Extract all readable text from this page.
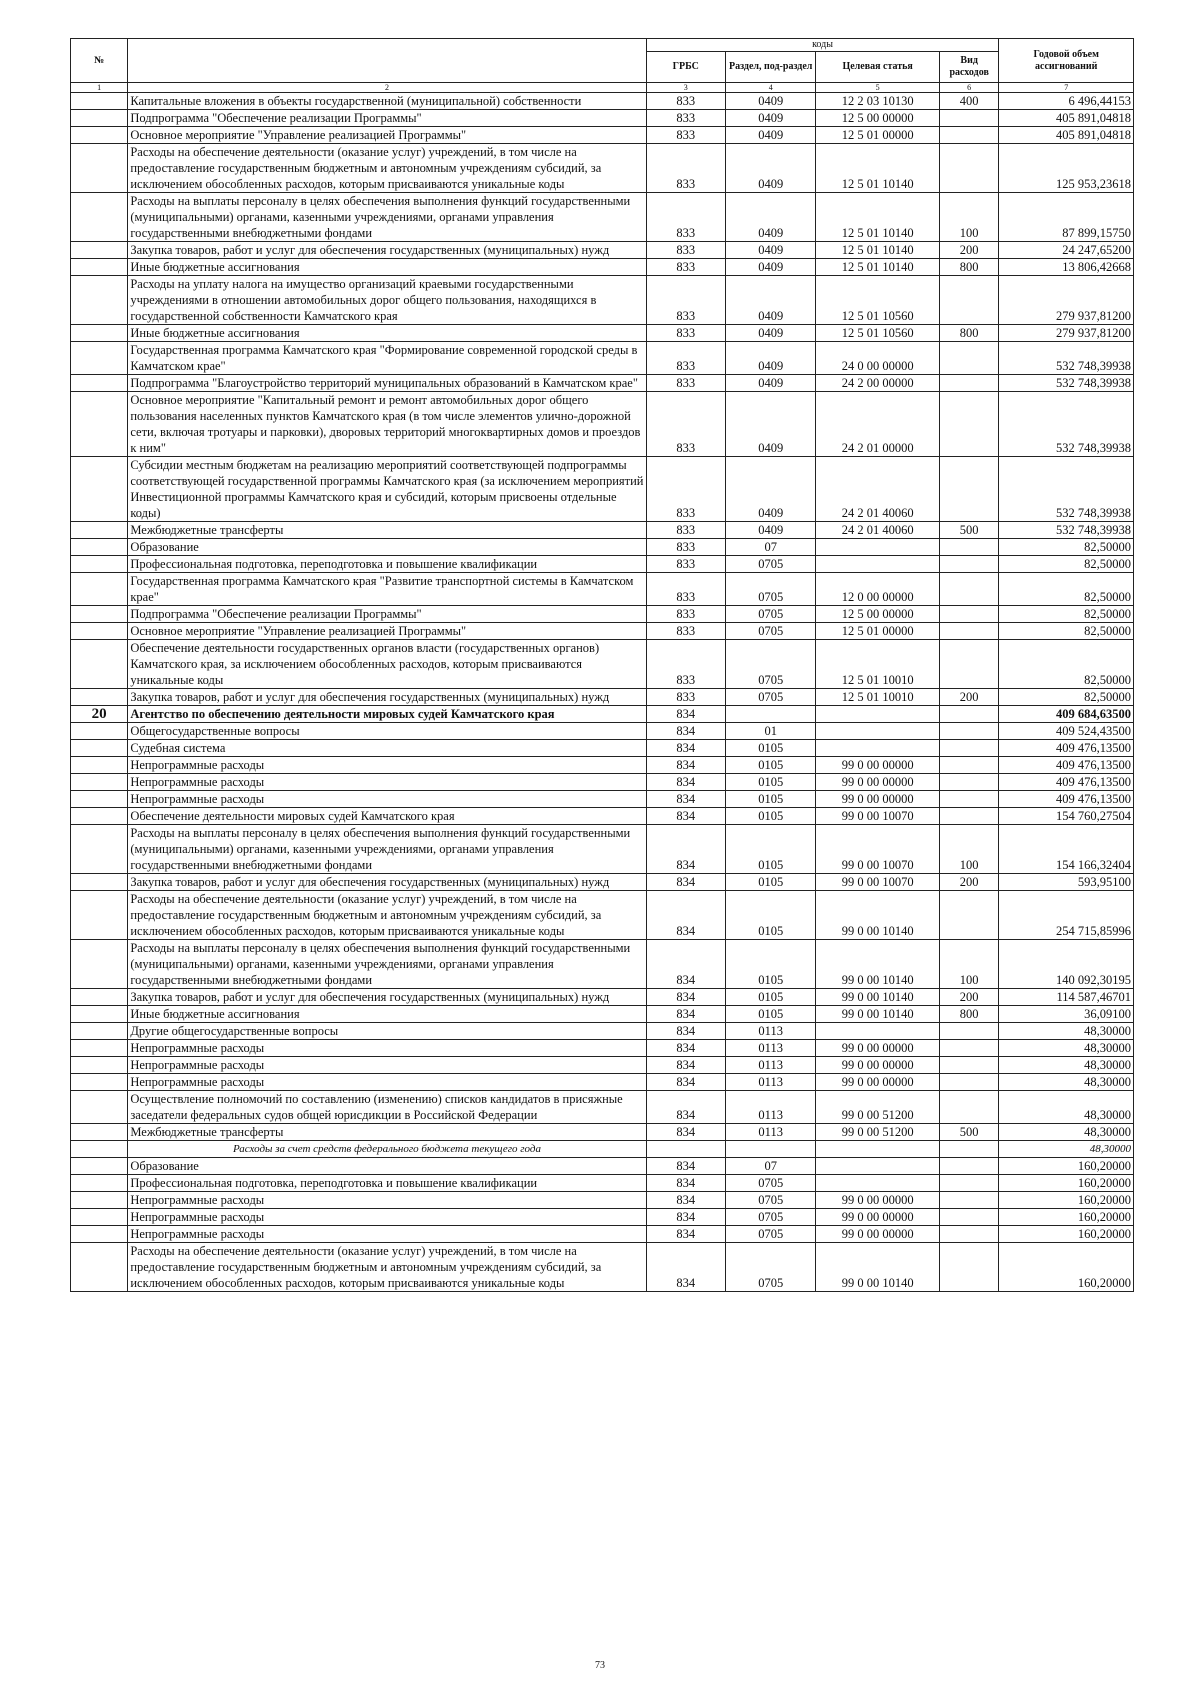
№		коды				Годовой объем ассигнований
		ГРБС	Раздел, под-раздел	Целевая статья	Вид расходов	
1	2	3	4	5	6	7
	Капитальные вложения в объекты государственной (муниципальной) собственности	833	0409	12 2 03 10130	400	6 496,44153
	Подпрограмма "Обеспечение реализации Программы"	833	0409	12 5 00 00000		405 891,04818
	Основное мероприятие "Управление реализацией Программы"	833	0409	12 5 01 00000		405 891,04818
	Расходы на обеспечение деятельности (оказание услуг) учреждений, в том числе на предоставление государственным бюджетным и автономным учреждениям субсидий, за исключением обособленных расходов, которым присваиваются уникальные коды	833	0409	12 5 01 10140		125 953,23618
	Расходы на выплаты персоналу в целях обеспечения выполнения функций государственными (муниципальными) органами, казенными учреждениями, органами управления государственными внебюджетными фондами	833	0409	12 5 01 10140	100	87 899,15750
	Закупка товаров, работ и услуг для обеспечения государственных (муниципальных) нужд	833	0409	12 5 01 10140	200	24 247,65200
	Иные бюджетные ассигнования	833	0409	12 5 01 10140	800	13 806,42668
	Расходы на уплату налога на имущество организаций краевыми государственными учреждениями в отношении автомобильных дорог общего пользования, находящихся в государственной собственности Камчатского края	833	0409	12 5 01 10560		279 937,81200
	Иные бюджетные ассигнования	833	0409	12 5 01 10560	800	279 937,81200
	Государственная программа Камчатского края "Формирование современной городской среды в Камчатском крае"	833	0409	24 0 00 00000		532 748,39938
	Подпрограмма "Благоустройство территорий муниципальных образований в Камчатском крае"	833	0409	24 2 00 00000		532 748,39938
	Основное мероприятие "Капитальный ремонт и ремонт автомобильных дорог общего пользования населенных пунктов Камчатского края (в том числе элементов улично-дорожной сети, включая тротуары и парковки), дворовых территорий многоквартирных домов и проездов к ним"	833	0409	24 2 01 00000		532 748,39938
	Субсидии местным бюджетам на реализацию мероприятий соответствующей подпрограммы соответствующей государственной программы Камчатского края (за исключением мероприятий Инвестиционной программы Камчатского края и субсидий, которым присвоены отдельные коды)	833	0409	24 2 01 40060		532 748,39938
	Межбюджетные трансферты	833	0409	24 2 01 40060	500	532 748,39938
	Образование	833	07			82,50000
	Профессиональная подготовка, переподготовка и повышение квалификации	833	0705			82,50000
	Государственная программа Камчатского края "Развитие транспортной системы в Камчатском крае"	833	0705	12 0 00 00000		82,50000
	Подпрограмма "Обеспечение реализации Программы"	833	0705	12 5 00 00000		82,50000
	Основное мероприятие "Управление реализацией Программы"	833	0705	12 5 01 00000		82,50000
	Обеспечение деятельности государственных органов власти (государственных органов) Камчатского края, за исключением обособленных расходов, которым присваиваются уникальные коды	833	0705	12 5 01 10010		82,50000
	Закупка товаров, работ и услуг для обеспечения государственных (муниципальных) нужд	833	0705	12 5 01 10010	200	82,50000
20	Агентство по обеспечению деятельности мировых судей Камчатского края	834				409 684,63500
	Общегосударственные вопросы	834	01			409 524,43500
	Судебная система	834	0105			409 476,13500
	Непрограммные расходы	834	0105	99 0 00 00000		409 476,13500
	Непрограммные расходы	834	0105	99 0 00 00000		409 476,13500
	Непрограммные расходы	834	0105	99 0 00 00000		409 476,13500
	Обеспечение деятельности мировых судей Камчатского края	834	0105	99 0 00 10070		154 760,27504
	Расходы на выплаты персоналу в целях обеспечения выполнения функций государственными (муниципальными) органами, казенными учреждениями, органами управления государственными внебюджетными фондами	834	0105	99 0 00 10070	100	154 166,32404
	Закупка товаров, работ и услуг для обеспечения государственных (муниципальных) нужд	834	0105	99 0 00 10070	200	593,95100
	Расходы на обеспечение деятельности (оказание услуг) учреждений, в том числе на предоставление государственным бюджетным и автономным учреждениям субсидий, за исключением обособленных расходов, которым присваиваются уникальные коды	834	0105	99 0 00 10140		254 715,85996
	Расходы на выплаты персоналу в целях обеспечения выполнения функций государственными (муниципальными) органами, казенными учреждениями, органами управления государственными внебюджетными фондами	834	0105	99 0 00 10140	100	140 092,30195
	Закупка товаров, работ и услуг для обеспечения государственных (муниципальных) нужд	834	0105	99 0 00 10140	200	114 587,46701
	Иные бюджетные ассигнования	834	0105	99 0 00 10140	800	36,09100
	Другие общегосударственные вопросы	834	0113			48,30000
	Непрограммные расходы	834	0113	99 0 00 00000		48,30000
	Непрограммные расходы	834	0113	99 0 00 00000		48,30000
	Непрограммные расходы	834	0113	99 0 00 00000		48,30000
	Осуществление полномочий по составлению (изменению) списков кандидатов в присяжные заседатели федеральных судов общей юрисдикции в Российской Федерации	834	0113	99 0 00 51200		48,30000
	Межбюджетные трансферты	834	0113	99 0 00 51200	500	48,30000
	Расходы за счет средств федерального бюджета текущего года					48,30000
	Образование	834	07			160,20000
	Профессиональная подготовка, переподготовка и повышение квалификации	834	0705			160,20000
	Непрограммные расходы	834	0705	99 0 00 00000		160,20000
	Непрограммные расходы	834	0705	99 0 00 00000		160,20000
	Непрограммные расходы	834	0705	99 0 00 00000		160,20000
	Расходы на обеспечение деятельности (оказание услуг) учреждений, в том числе на предоставление государственным бюджетным и автономным учреждениям субсидий, за исключением обособленных расходов, которым присваиваются уникальные коды	834	0705	99 0 00 10140		160,20000
73
